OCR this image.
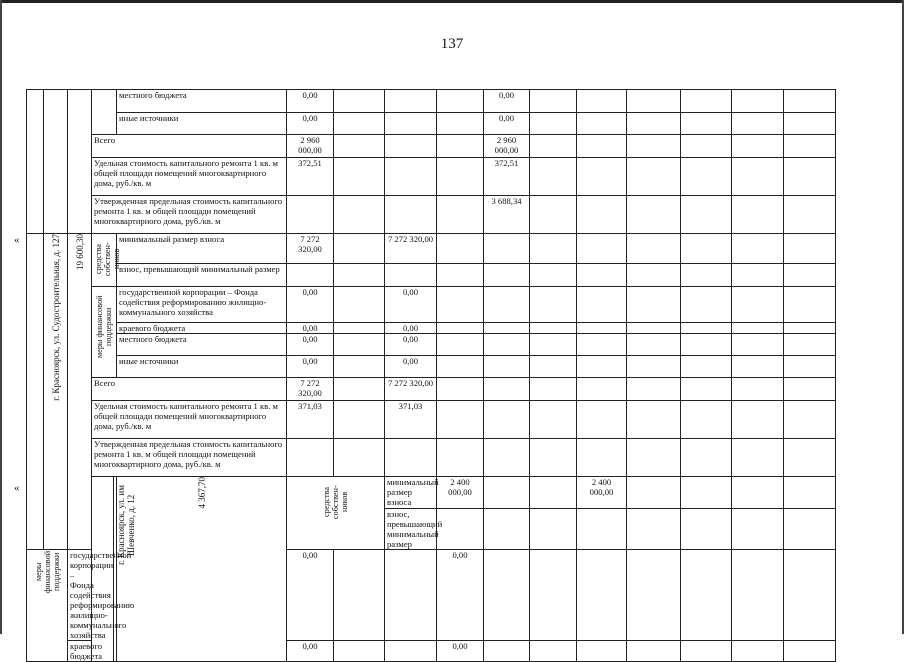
137
«
«
					местного бюджета	0,00				0,00							
					иные источники	0,00				0,00							
			Всего			2 960 000,00				2 960 000,00							
			Удельная стоимость капитального ремонта 1 кв. м общей площади помещений многоквартирного дома, руб./кв. м			372,51				372,51							
			Утвержденная предельная стоимость капитального ремонта 1 кв. м общей площади помещений многоквартирного дома, руб./кв. м							3 688,34							
	г. Красноярск, ул. Судостроительная, д. 127	19 600,30	средства собствен-ников		минимальный размер взноса	7 272 320,00		7 272 320,00									
					взнос, превышающий минимальный размер												
			меры финансовой поддержки		государственной корпорации – Фонда содействия реформированию жилищно-коммунального хозяйства	0,00		0,00									
					краевого бюджета	0,00		0,00									
					местного бюджета	0,00		0,00									
					иные источники	0,00		0,00									
			Всего			7 272 320,00		7 272 320,00									
			Удельная стоимость капитального ремонта 1 кв. м общей площади помещений многоквартирного дома, руб./кв. м			371,03		371,03									
			Утвержденная предельная стоимость капитального ремонта 1 кв. м общей площади помещений многоквартирного дома, руб./кв. м														
				г. Красноярск, ул. им Шевченко, д. 12	4 367,70	средства собствен-ников		минимальный размер взноса	2 400 000,00			2 400 000,00							
								взнос, превышающий минимальный размер											
меры финансовой поддержки		государственной корпорации – Фонда содействия реформированию жилищно-коммунального хозяйства				0,00			0,00								
		краевого бюджета				0,00			0,00								
